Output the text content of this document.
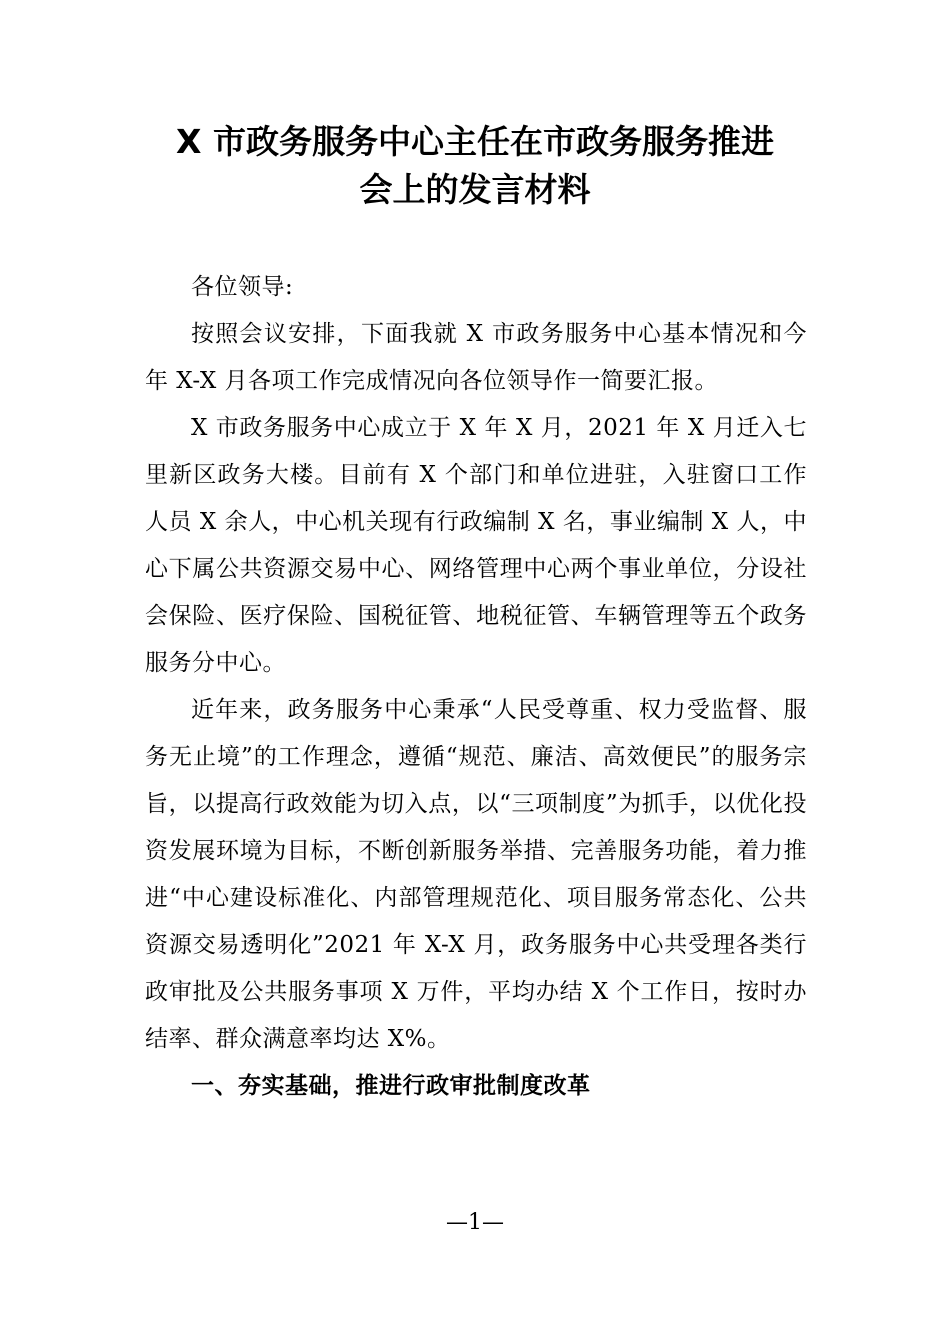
X 市政务服务中心主任在市政务服务推进
会上的发言材料

各位领导:

按照会议安排，下面我就 X 市政务服务中心基本情况和今年 X-X 月各项工作完成情况向各位领导作一简要汇报。

X 市政务服务中心成立于 X 年 X 月，2021 年 X 月迁入七里新区政务大楼。目前有 X 个部门和单位进驻，入驻窗口工作人员 X 余人，中心机关现有行政编制 X 名，事业编制 X 人，中心下属公共资源交易中心、网络管理中心两个事业单位，分设社会保险、医疗保险、国税征管、地税征管、车辆管理等五个政务服务分中心。

近年来，政务服务中心秉承“人民受尊重、权力受监督、服务无止境”的工作理念，遵循“规范、廉洁、高效便民”的服务宗旨，以提高行政效能为切入点，以“三项制度”为抓手，以优化投资发展环境为目标，不断创新服务举措、完善服务功能，着力推进“中心建设标准化、内部管理规范化、项目服务常态化、公共资源交易透明化”2021 年 X-X 月，政务服务中心共受理各类行政审批及公共服务事项 X 万件，平均办结 X 个工作日，按时办结率、群众满意率均达 X%。

一、夯实基础，推进行政审批制度改革

—1—
